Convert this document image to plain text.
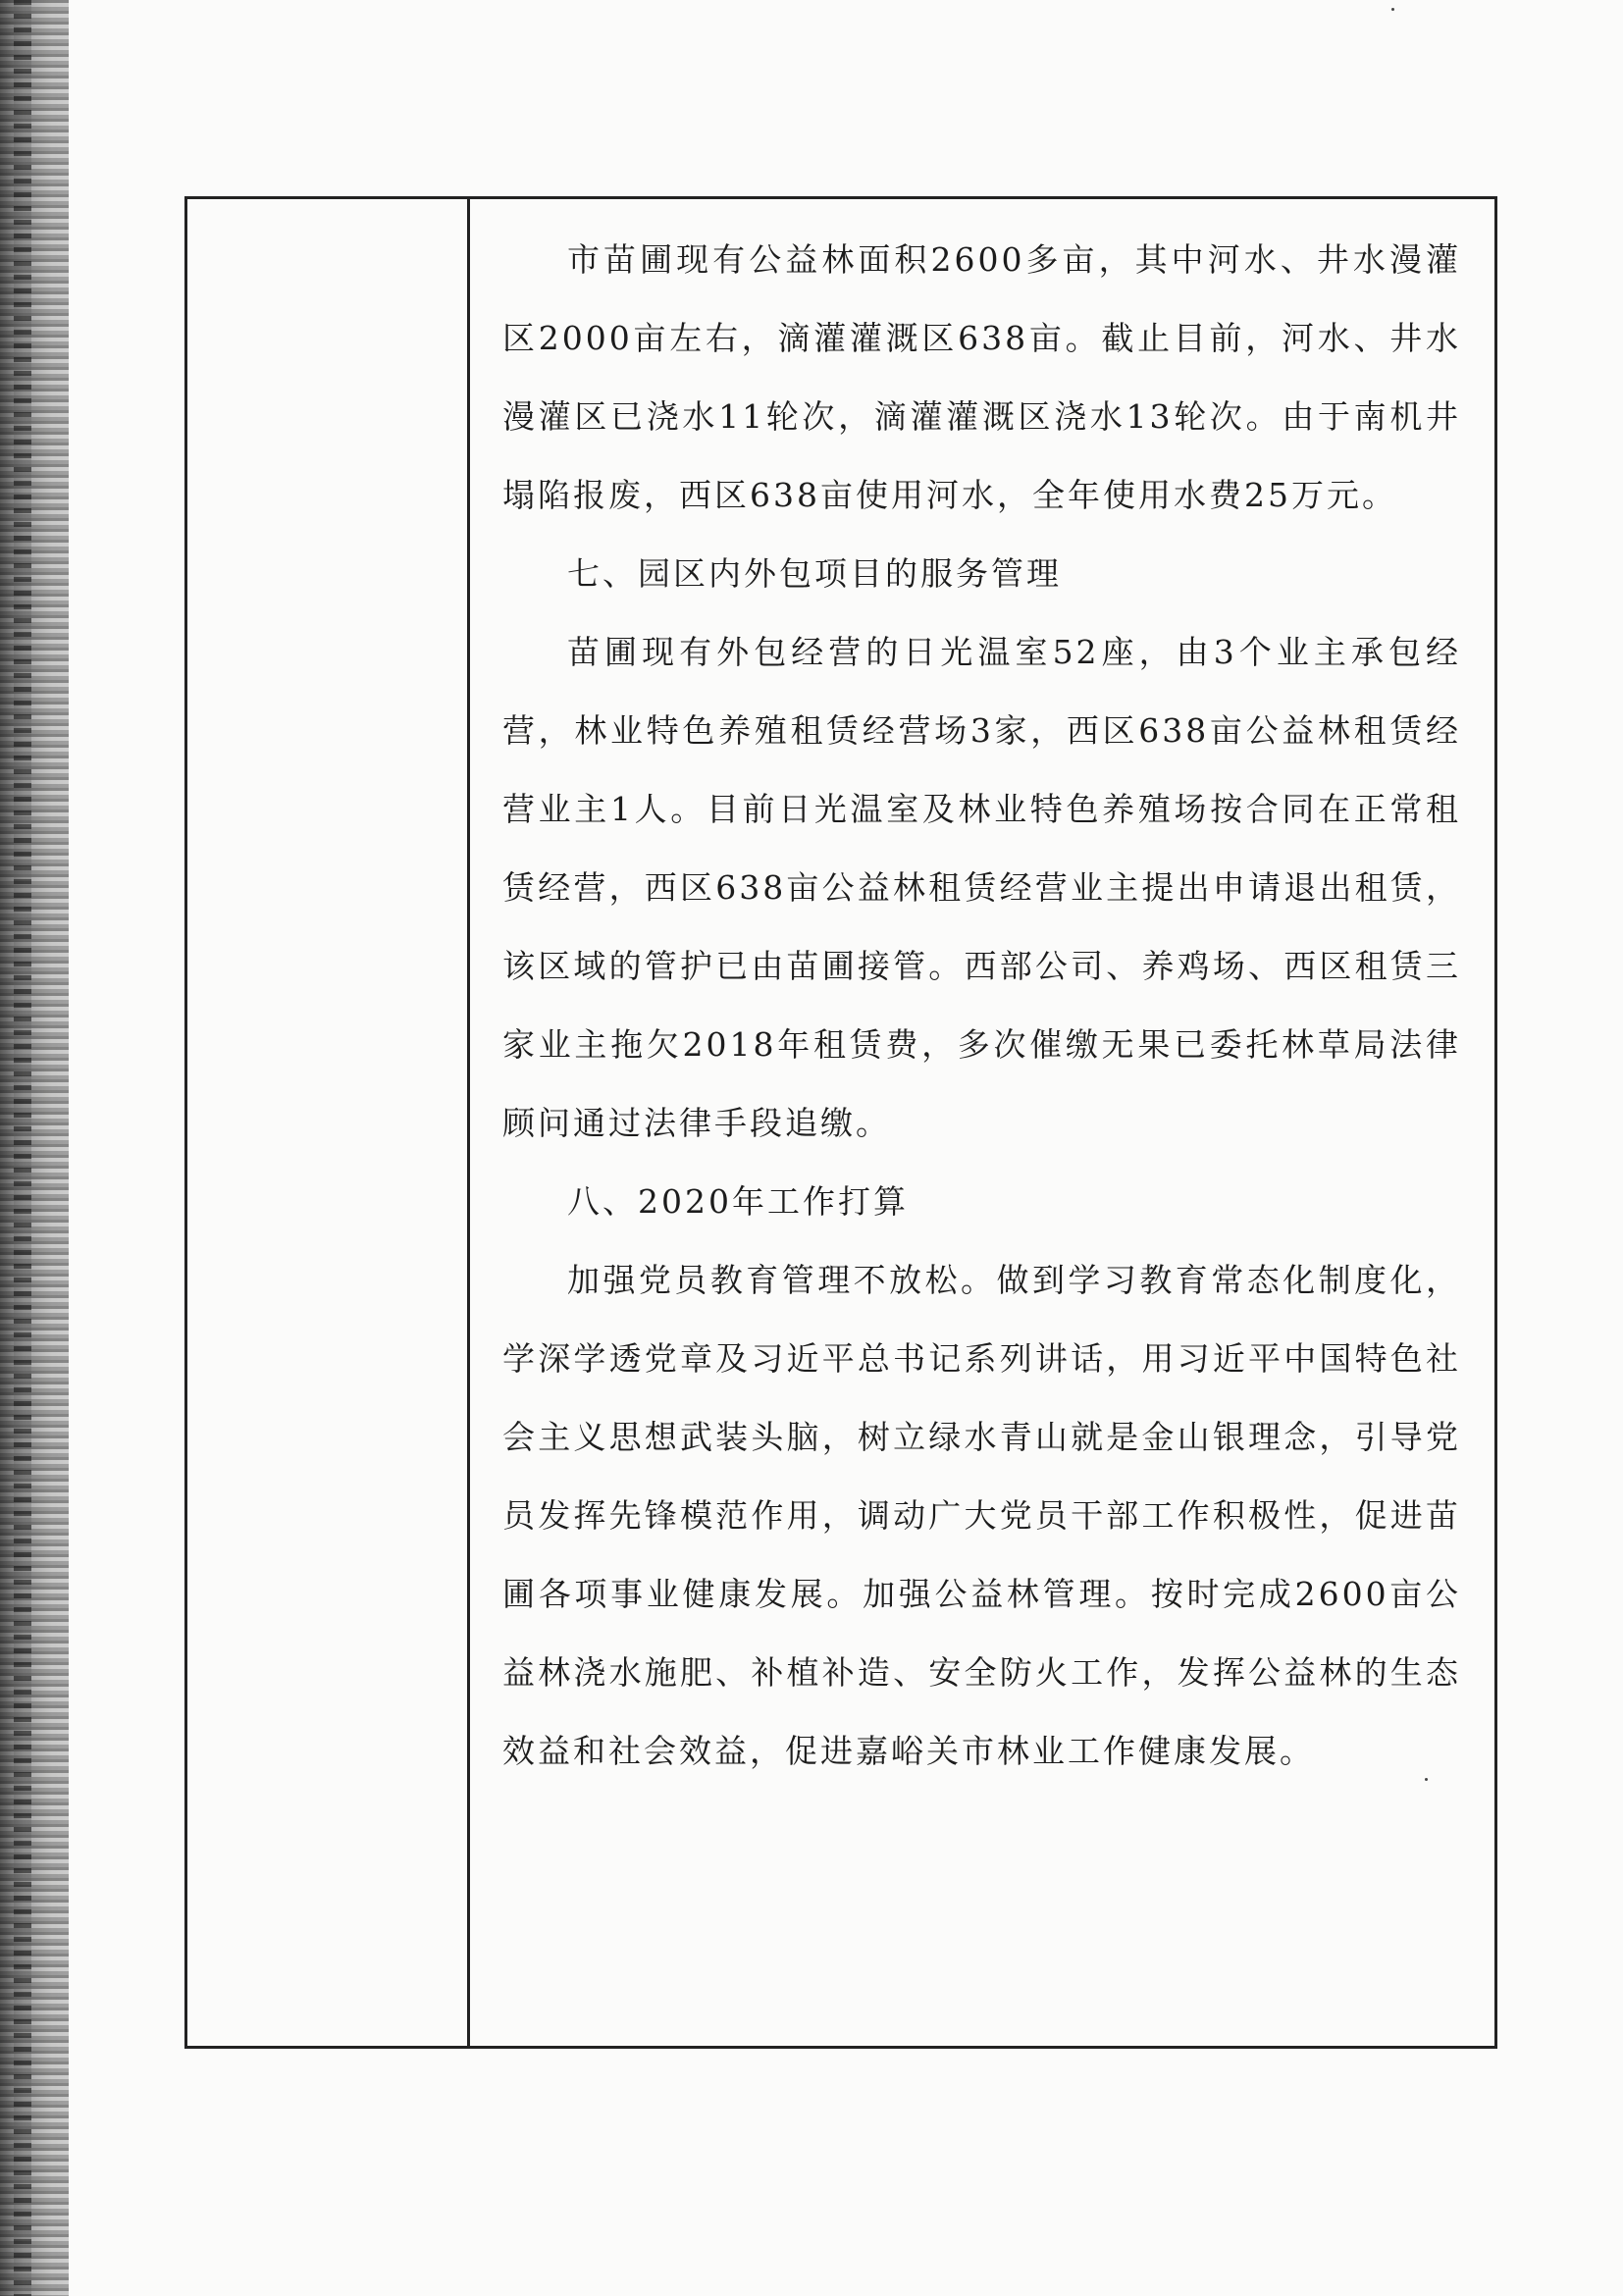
市苗圃现有公益林面积2600多亩，其中河水、井水漫灌区2000亩左右，滴灌灌溉区638亩。截止目前，河水、井水漫灌区已浇水11轮次，滴灌灌溉区浇水13轮次。由于南机井塌陷报废，西区638亩使用河水，全年使用水费25万元。

七、园区内外包项目的服务管理

苗圃现有外包经营的日光温室52座，由3个业主承包经营，林业特色养殖租赁经营场3家，西区638亩公益林租赁经营业主1人。目前日光温室及林业特色养殖场按合同在正常租赁经营，西区638亩公益林租赁经营业主提出申请退出租赁，该区域的管护已由苗圃接管。西部公司、养鸡场、西区租赁三家业主拖欠2018年租赁费，多次催缴无果已委托林草局法律顾问通过法律手段追缴。

八、2020年工作打算

加强党员教育管理不放松。做到学习教育常态化制度化，学深学透党章及习近平总书记系列讲话，用习近平中国特色社会主义思想武装头脑，树立绿水青山就是金山银理念，引导党员发挥先锋模范作用，调动广大党员干部工作积极性，促进苗圃各项事业健康发展。加强公益林管理。按时完成2600亩公益林浇水施肥、补植补造、安全防火工作，发挥公益林的生态效益和社会效益，促进嘉峪关市林业工作健康发展。
